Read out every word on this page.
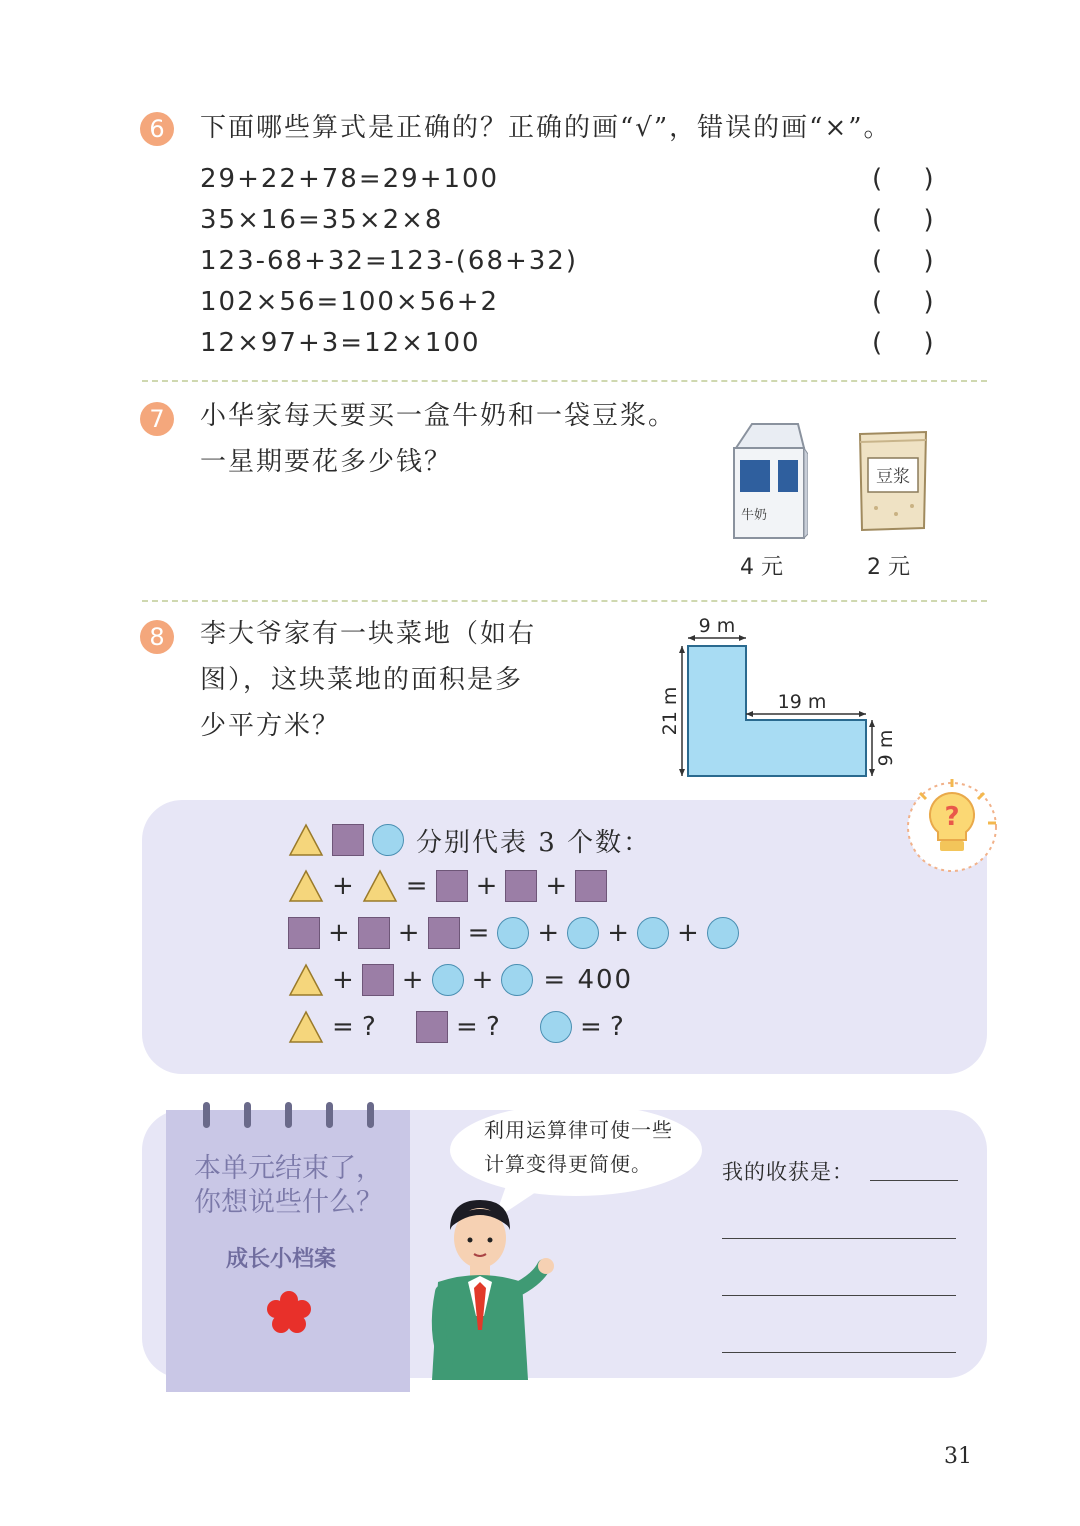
6	下面哪些算式是正确的？正确的画“√”，错误的画“×”。
29+22+78=29+100	(     )
35×16=35×2×8	(     )
123-68+32=123-(68+32)	(     )
102×56=100×56+2	(     )
12×97+3=12×100	(     )
7	小华家每天要买一盒牛奶和一袋豆浆。
一星期要花多少钱？
牛奶
豆浆
4 元	2 元
8	李大爷家有一块菜地（如右
图），这块菜地的面积是多
少平方米？
9 m
21 m	19 m
9 m
?
分别代表 3 个数：
+ = + +
+ + = + + +
+ + + = 400
= ?	= ?	= ?
本单元结束了，
你想说些什么？
成长小档案
利用运算律可使一些
计算变得更简便。	我的收获是：
31
